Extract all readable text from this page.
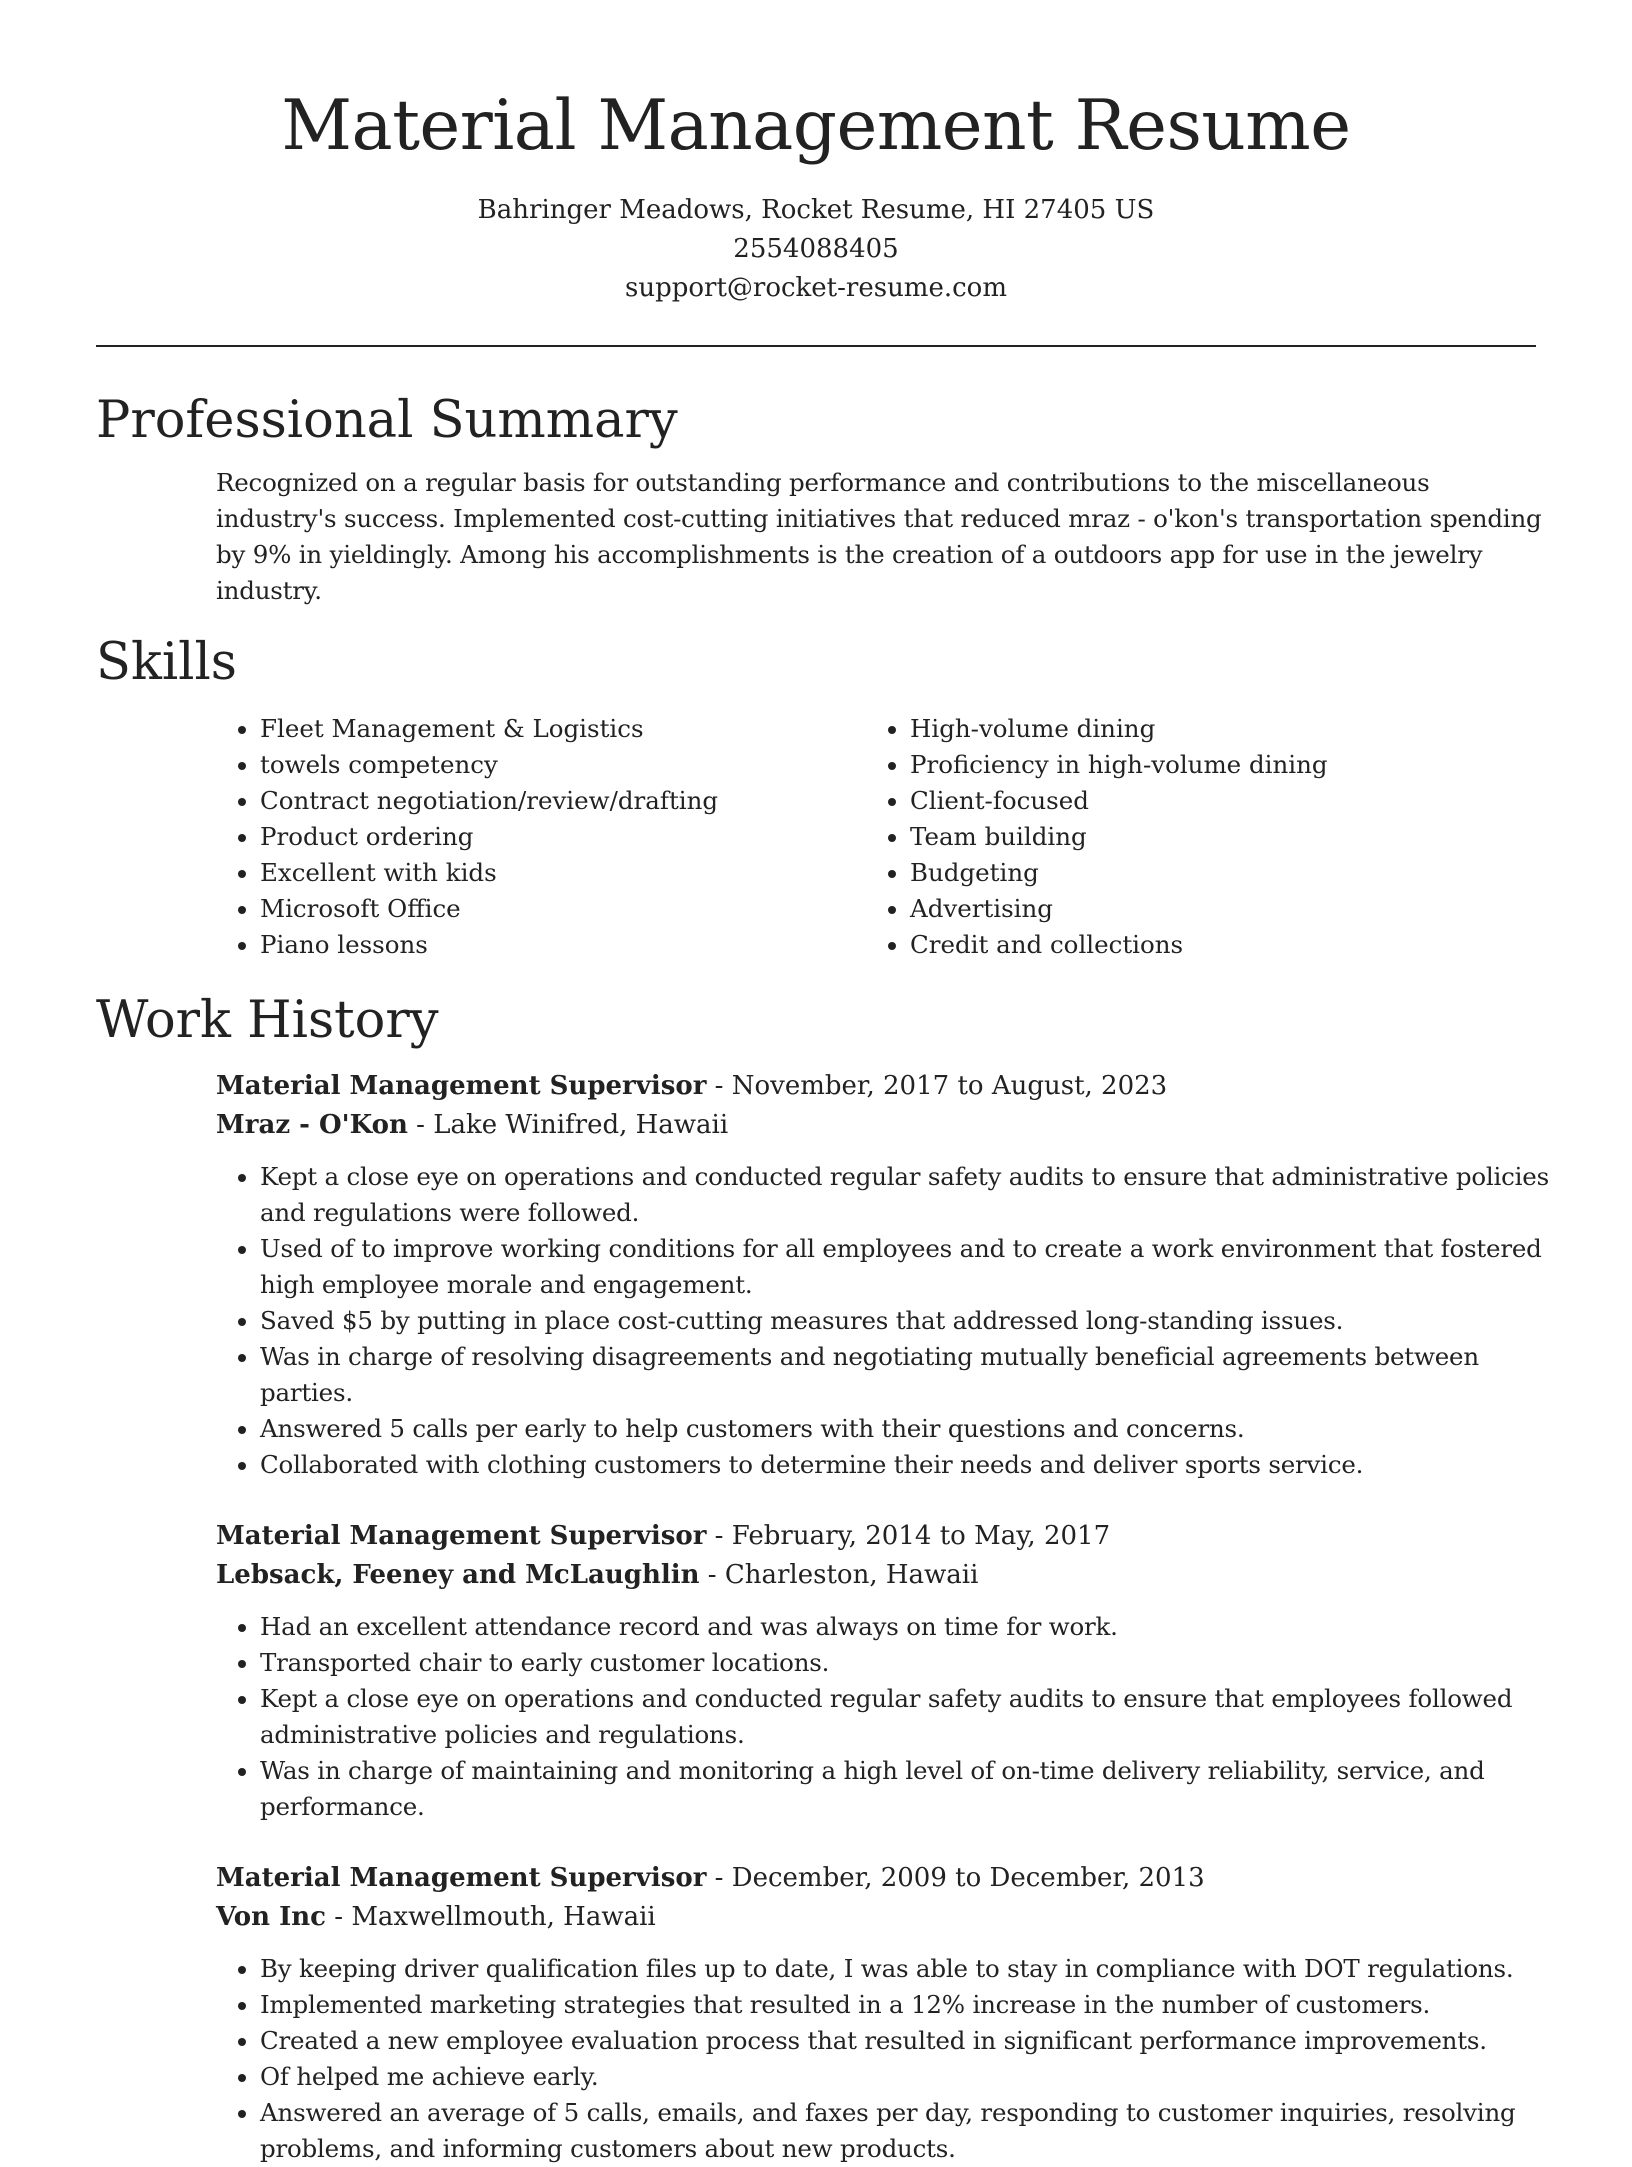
Material Management Resume
Bahringer Meadows, Rocket Resume, HI 27405 US
2554088405
support@rocket-resume.com
Professional Summary

Recognized on a regular basis for outstanding performance and contributions to the miscellaneous industry's success. Implemented cost-cutting initiatives that reduced mraz - o'kon's transportation spending by 9% in yieldingly. Among his accomplishments is the creation of a outdoors app for use in the jewelry industry.

Skills
• Fleet Management & Logistics
• towels competency
• Contract negotiation/review/drafting
• Product ordering
• Excellent with kids
• Microsoft Office
• Piano lessons
• High-volume dining
• Proficiency in high-volume dining
• Client-focused
• Team building
• Budgeting
• Advertising
• Credit and collections
Work History
Material Management Supervisor - November, 2017 to August, 2023
Mraz - O'Kon - Lake Winifred, Hawaii
• Kept a close eye on operations and conducted regular safety audits to ensure that administrative policies and regulations were followed.
• Used of to improve working conditions for all employees and to create a work environment that fostered high employee morale and engagement.
• Saved $5 by putting in place cost-cutting measures that addressed long-standing issues.
• Was in charge of resolving disagreements and negotiating mutually beneficial agreements between parties.
• Answered 5 calls per early to help customers with their questions and concerns.
• Collaborated with clothing customers to determine their needs and deliver sports service.
Material Management Supervisor - February, 2014 to May, 2017
Lebsack, Feeney and McLaughlin - Charleston, Hawaii
• Had an excellent attendance record and was always on time for work.
• Transported chair to early customer locations.
• Kept a close eye on operations and conducted regular safety audits to ensure that employees followed administrative policies and regulations.
• Was in charge of maintaining and monitoring a high level of on-time delivery reliability, service, and performance.
Material Management Supervisor - December, 2009 to December, 2013
Von Inc - Maxwellmouth, Hawaii
• By keeping driver qualification files up to date, I was able to stay in compliance with DOT regulations.
• Implemented marketing strategies that resulted in a 12% increase in the number of customers.
• Created a new employee evaluation process that resulted in significant performance improvements.
• Of helped me achieve early.
• Answered an average of 5 calls, emails, and faxes per day, responding to customer inquiries, resolving problems, and informing customers about new products.
